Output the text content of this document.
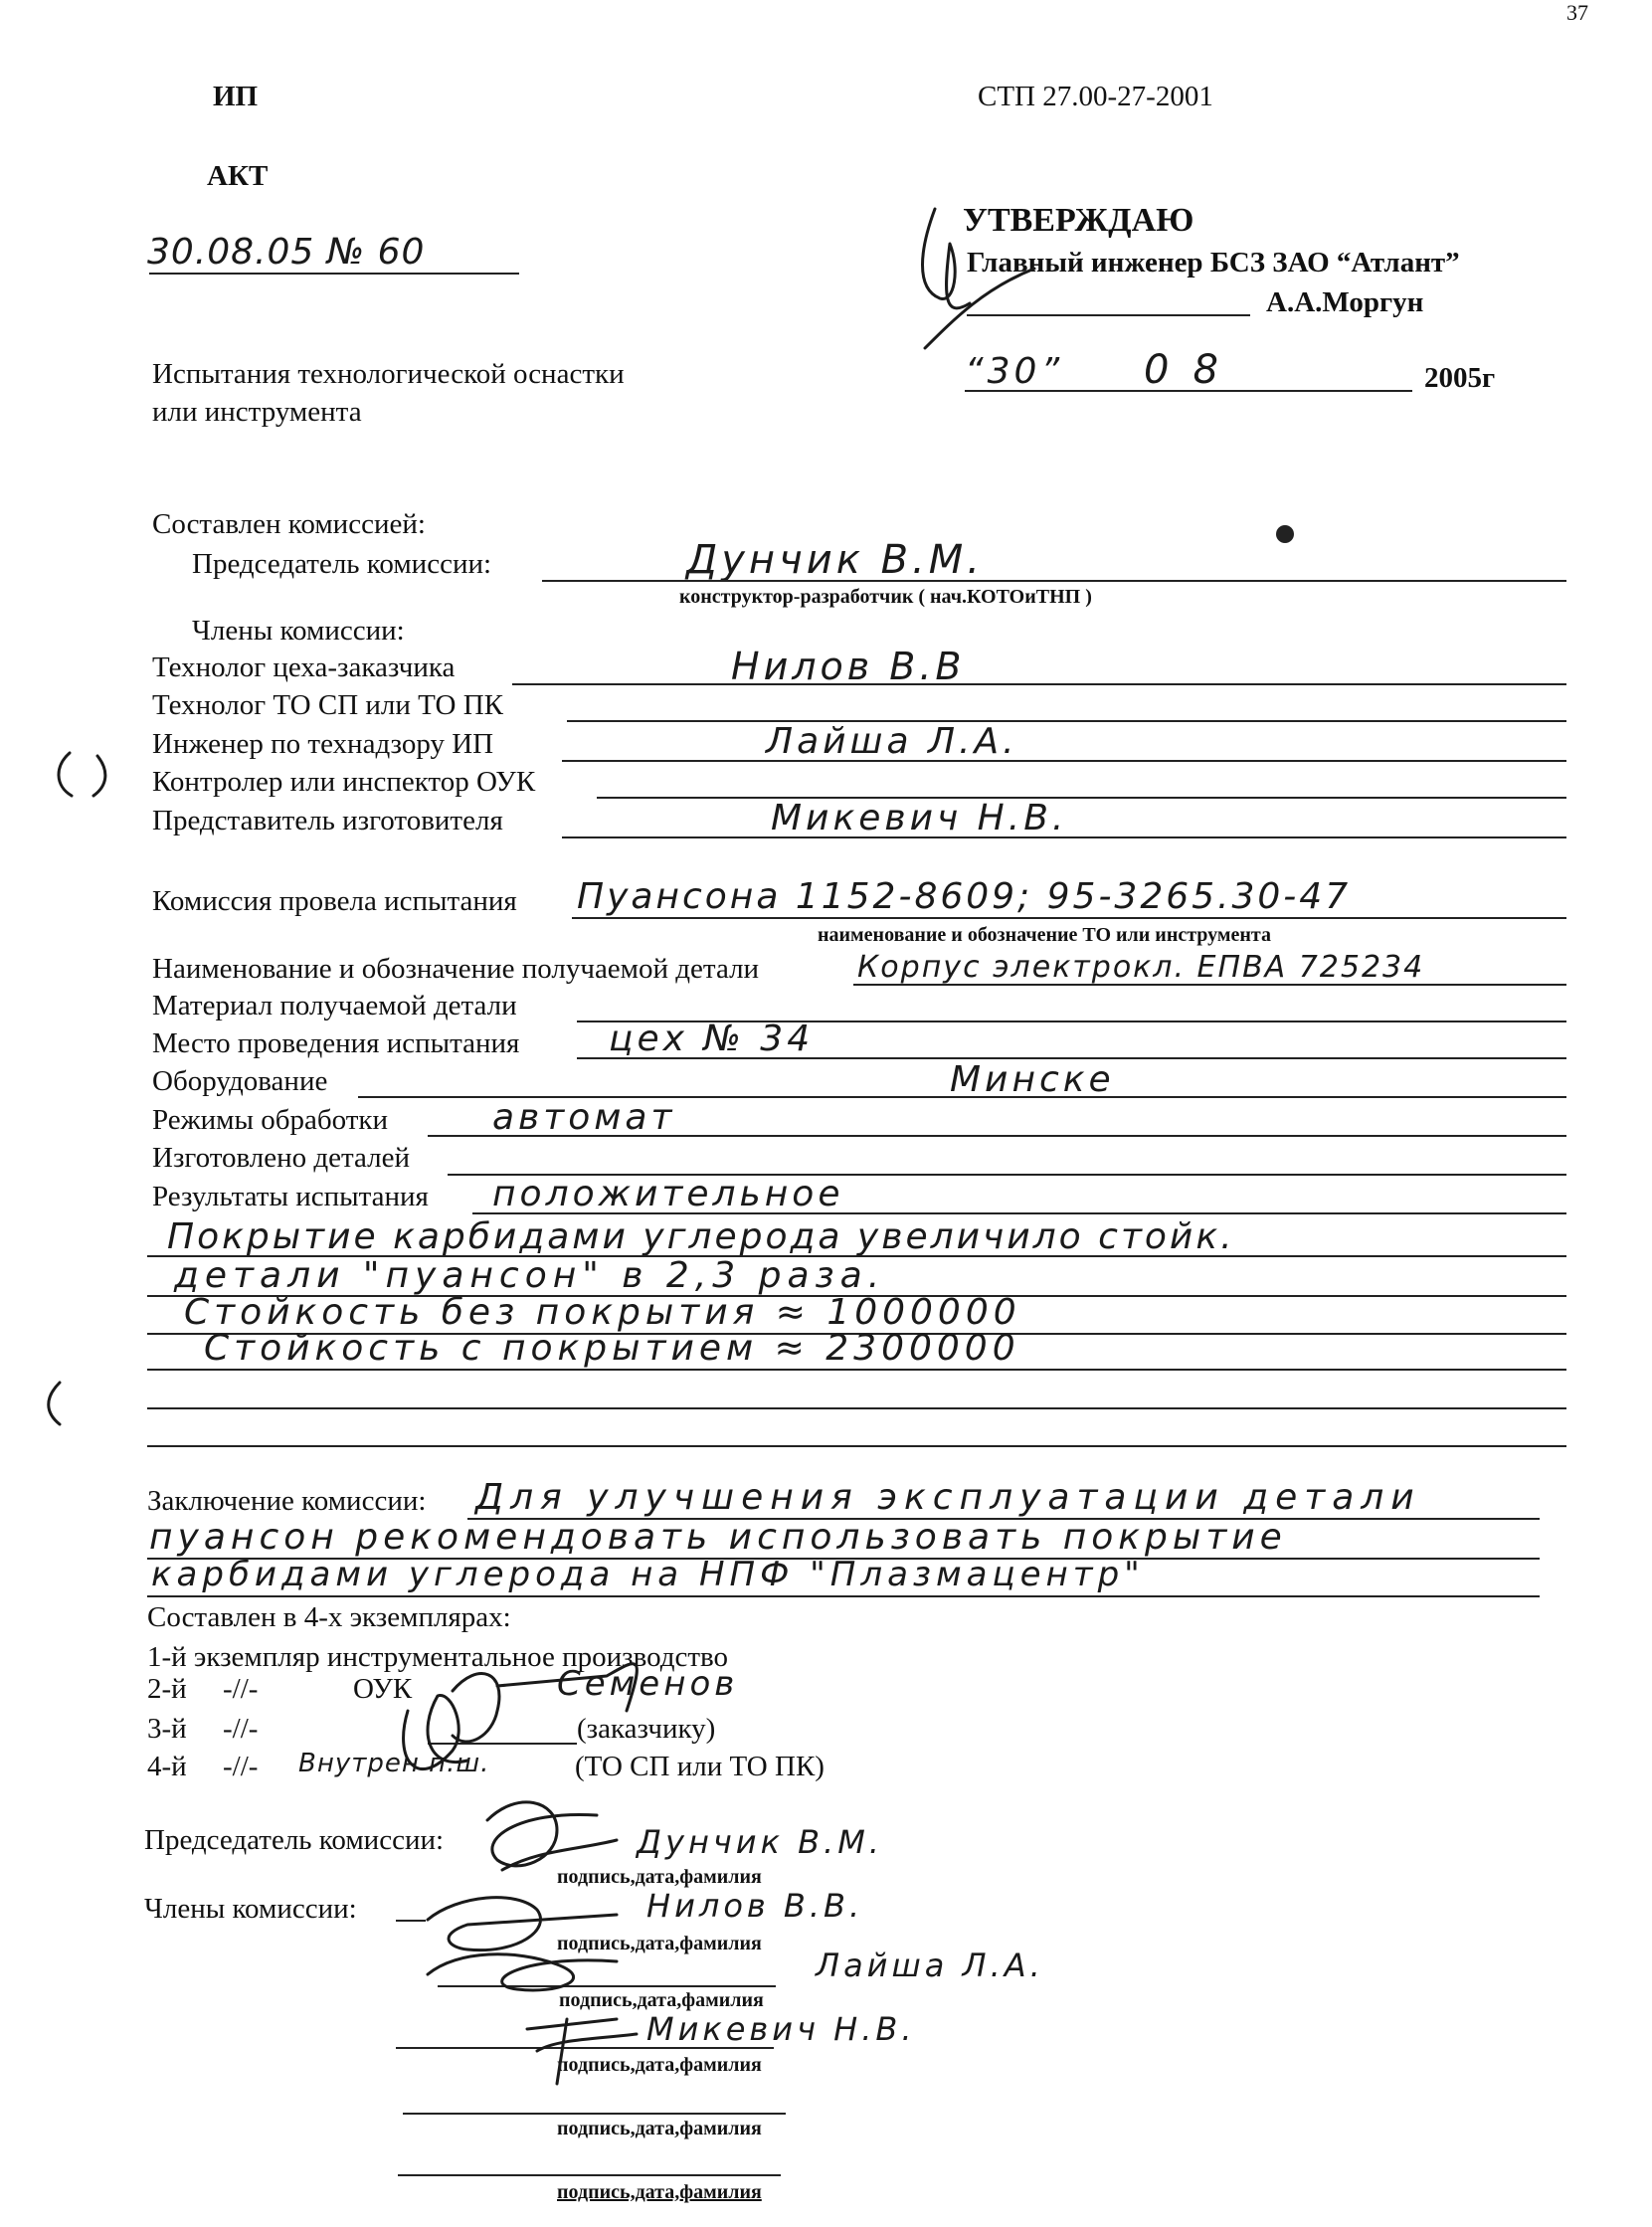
ИП	СТП 27.00-27-2001
37
АКТ
30.08.05 № 60
Испытания технологической оснастки
или инструмента
УТВЕРЖДАЮ
Главный инженер БСЗ ЗАО “Атлант”
А.А.Моргун
“30” 08	2005г
Составлен комиссией:
Председатель комиссии:	Дунчик В.М.
конструктор-разработчик ( нач.КОТОиТНП )
Члены комиссии:
Технолог цеха-заказчика	Нилов В.В
Технолог ТО СП или ТО ПК
Инженер по технадзору ИП	Лайша Л.А.
Контролер или инспектор ОУК
Представитель изготовителя	Микевич Н.В.
Комиссия провела испытания Пуансона 1152-8609; 95-3265.30-47
наименование и обозначение ТО или инструмента
Наименование и обозначение получаемой детали	Корпус электрокл. ЕПВА 725234
Материал получаемой детали
Место проведения испытания цех № 34
Оборудование	Минске
Режимы обработки	автомат
Изготовлено деталей
Результаты испытания положительное
Покрытие карбидами углерода увеличило стойк.
детали "пуансон" в 2,3 раза.
Стойкость без покрытия ≈ 1000000
Стойкость с покрытием ≈ 2300000
Заключение комиссии: Для улучшения эксплуатации детали
пуансон рекомендовать использовать покрытие
карбидами углерода на НПФ "Плазмацентр"
Составлен в 4-х экземплярах:
1-й экземпляр инструментальное производство
2-й -//-	ОУК	Семенов
3-й -//-	(заказчику)
4-й -//- Внутрен п.ш.	(ТО СП или ТО ПК)
Председатель комиссии:	Дунчик В.М.
подпись,дата,фамилия
Члены комиссии:	Нилов В.В.
подпись,дата,фамилия
Лайша Л.А.
подпись,дата,фамилия
Микевич Н.В.
подпись,дата,фамилия
подпись,дата,фамилия
подпись,дата,фамилия
